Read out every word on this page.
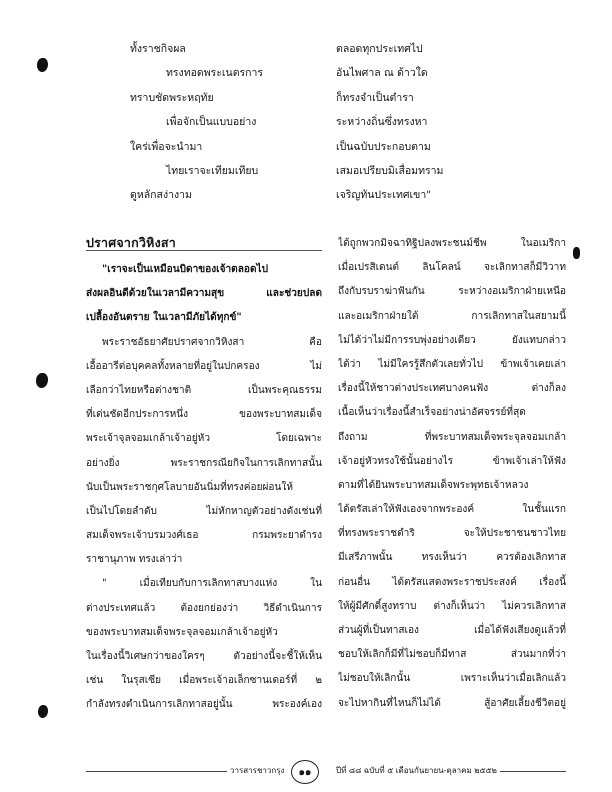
ทั้งราชกิจผล
ทรงทอดพระเนตรการ
ทราบชัดพระหฤทัย
เพื่อจักเป็นแบบอย่าง
ใคร่เพื่อจะนำมา
ไทยเราจะเทียมเทียบ
ดูหลักสง่างาม
ตลอดทุกประเทศไป
อันไพศาล ณ ด้าวใด
ก็ทรงจำเป็นตำรา
ระหว่างถิ่นซึ่งทรงหา
เป็นฉบับประกอบตาม
เสมอเปรียบมิเสื่อมทราม
เจริญทันประเทศเขา"
ปราศจากวิหิงสา
"เราจะเป็นเหมือนบิดาของเจ้าตลอดไป
ส่งผลอินดีด้วยในเวลามีความสุข และช่วยปลด
เปลื้องอันตราย ในเวลามีภัยได้ทุกข์"
พระราชอัธยาศัยปราศจากวิหิงสา คือ
เอื้ออารีต่อบุคคลทั้งหลายที่อยู่ในปกครอง ไม่
เลือกว่าไทยหรือต่างชาติ เป็นพระคุณธรรม
ที่เด่นชัดอีกประการหนึ่ง ของพระบาทสมเด็จ
พระเจ้าจุลจอมเกล้าเจ้าอยู่หัว โดยเฉพาะ
อย่างยิ่ง พระราชกรณียกิจในการเลิกทาสนั้น
นับเป็นพระราชกุศโลบายอันนิ่มที่ทรงค่อยผ่อนให้
เป็นไปโดยลำดับ ไม่หักหาญตัวอย่างดังเช่นที่
สมเด็จพระเจ้าบรมวงศ์เธอ กรมพระยาดำรง
ราชานุภาพ ทรงเล่าว่า
" เมื่อเทียบกับการเลิกทาสบางแห่ง ใน
ต่างประเทศแล้ว ต้องยกย่องว่า วิธีดำเนินการ
ของพระบาทสมเด็จพระจุลจอมเกล้าเจ้าอยู่หัว
ในเรื่องนี้วิเศษกว่าของใครๆ ตัวอย่างนี้จะชี้ให้เห็น
เช่น ในรุสเซีย เมื่อพระเจ้าอเล็กซานเดอร์ที่ ๒
กำลังทรงดำเนินการเลิกทาสอยู่นั้น พระองค์เอง
ได้ถูกพวกมิจฉาทิฐิปลงพระชนม์ชีพ ในอเมริกา
เมื่อเปรสิเดนต์ ลินโคลน์ จะเลิกทาสก็มีวิวาท
ถึงกับรบราฆ่าฟันกัน ระหว่างอเมริกาฝ่ายเหนือ
และอเมริกาฝ่ายใต้ การเลิกทาสในสยามนี้
ไม่ได้ว่าไม่มีการรบพุ่งอย่างเดียว ยังแทบกล่าว
ได้ว่า ไม่มีใครรู้สึกตัวเลยทั่วไป ข้าพเจ้าเคยเล่า
เรื่องนี้ให้ชาวต่างประเทศบางคนฟัง ต่างก็ลง
เนื้อเห็นว่าเรื่องนี้สำเร็จอย่างน่าอัศจรรย์ที่สุด
ถึงถาม ที่พระบาทสมเด็จพระจุลจอมเกล้า
เจ้าอยู่หัวทรงใช้นั้นอย่างไร ข้าพเจ้าเล่าให้ฟัง
ตามที่ได้ยินพระบาทสมเด็จพระพุทธเจ้าหลวง
ได้ตรัสเล่าให้ฟังเองจากพระองค์ ในชั้นแรก
ที่ทรงพระราชดำริ จะให้ประชาชนชาวไทย
มีเสรีภาพนั้น ทรงเห็นว่า ควรต้องเลิกทาส
ก่อนอื่น ได้ตรัสแสดงพระราชประสงค์ เรื่องนี้
ให้ผู้มีศักดิ์สูงทราบ ต่างก็เห็นว่า ไม่ควรเลิกทาส
ส่วนผู้ที่เป็นทาสเอง เมื่อได้ฟังเสียงดูแล้วที่
ชอบให้เลิกก็มีที่ไม่ชอบก็มีทาส ส่วนมากที่ว่า
ไม่ชอบให้เลิกนั้น เพราะเห็นว่าเมื่อเลิกแล้ว
จะไปหากินที่ไหนก็ไม่ได้ สู้อาศัยเลี้ยงชีวิตอยู่
วารสารชาวกรุง	๑๑	ปีที่ ๘๘ ฉบับที่ ๕ เดือนกันยายน-ตุลาคม ๒๕๕๒
